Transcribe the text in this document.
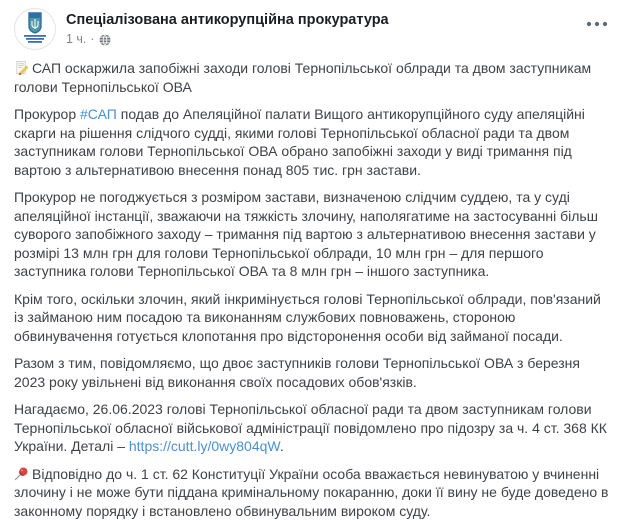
Спеціалізована антикорупційна прокуратура
1 ч. ·
САП оскаржила запобіжні заходи голові Тернопільської облради та двом заступникам голови Тернопільської ОВА
Прокурор #САП подав до Апеляційної палати Вищого антикорупційного суду апеляційні скарги на рішення слідчого судді, якими голові Тернопільської обласної ради та двом заступникам голови Тернопільської ОВА обрано запобіжні заходи у виді тримання під вартою з альтернативою внесення понад 805 тис. грн застави.
Прокурор не погоджується з розміром застави, визначеною слідчим суддею, та у суді апеляційної інстанції, зважаючи на тяжкість злочину, наполягатиме на застосуванні більш суворого запобіжного заходу – тримання під вартою з альтернативою внесення застави у розмірі 13 млн грн для голови Тернопільської облради, 10 млн грн – для першого заступника голови Тернопільської ОВА та 8 млн грн – іншого заступника.
Крім того, оскільки злочин, який інкримінується голові Тернопільської облради, пов'язаний із займаною ним посадою та виконанням службових повноважень, стороною обвинувачення готується клопотання про відсторонення особи від займаної посади.
Разом з тим, повідомляємо, що двоє заступників голови Тернопільської ОВА з березня 2023 року увільнені від виконання своїх посадових обов'язків.
Нагадаємо, 26.06.2023 голові Тернопільської обласної ради та двом заступникам голови Тернопільської обласної військової адміністрації повідомлено про підозру за ч. 4 ст. 368 КК України. Деталі – https://cutt.ly/0wy804qW.
Відповідно до ч. 1 ст. 62 Конституції України особа вважається невинуватою у вчиненні злочину і не може бути піддана кримінальному покаранню, доки її вину не буде доведено в законному порядку і встановлено обвинувальним вироком суду.
